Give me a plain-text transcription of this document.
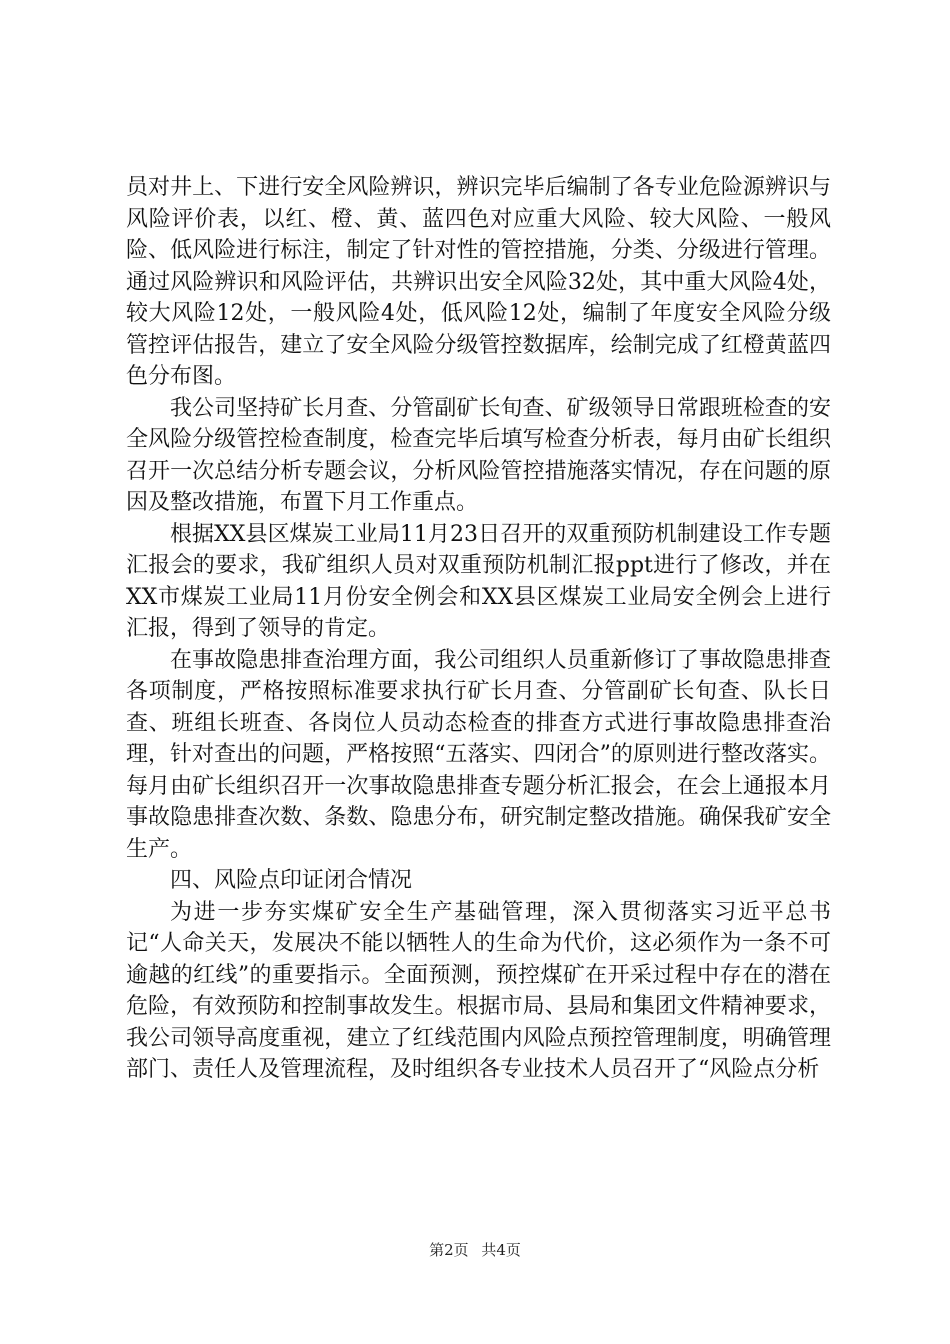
员对井上、下进行安全风险辨识，辨识完毕后编制了各专业危险源辨识与风险评价表，以红、橙、黄、蓝四色对应重大风险、较大风险、一般风险、低风险进行标注，制定了针对性的管控措施，分类、分级进行管理。通过风险辨识和风险评估，共辨识出安全风险32处，其中重大风险4处，较大风险12处，一般风险4处，低风险12处，编制了年度安全风险分级管控评估报告，建立了安全风险分级管控数据库，绘制完成了红橙黄蓝四色分布图。

我公司坚持矿长月查、分管副矿长旬查、矿级领导日常跟班检查的安全风险分级管控检查制度，检查完毕后填写检查分析表，每月由矿长组织召开一次总结分析专题会议，分析风险管控措施落实情况，存在问题的原因及整改措施，布置下月工作重点。

根据XX县区煤炭工业局11月23日召开的双重预防机制建设工作专题汇报会的要求，我矿组织人员对双重预防机制汇报ppt进行了修改，并在XX市煤炭工业局11月份安全例会和XX县区煤炭工业局安全例会上进行汇报，得到了领导的肯定。

在事故隐患排查治理方面，我公司组织人员重新修订了事故隐患排查各项制度，严格按照标准要求执行矿长月查、分管副矿长旬查、队长日查、班组长班查、各岗位人员动态检查的排查方式进行事故隐患排查治理，针对查出的问题，严格按照“五落实、四闭合”的原则进行整改落实。每月由矿长组织召开一次事故隐患排查专题分析汇报会，在会上通报本月事故隐患排查次数、条数、隐患分布，研究制定整改措施。确保我矿安全生产。

四、风险点印证闭合情况

为进一步夯实煤矿安全生产基础管理，深入贯彻落实习近平总书记“人命关天，发展决不能以牺牲人的生命为代价，这必须作为一条不可逾越的红线”的重要指示。全面预测，预控煤矿在开采过程中存在的潜在危险，有效预防和控制事故发生。根据市局、县局和集团文件精神要求，我公司领导高度重视，建立了红线范围内风险点预控管理制度，明确管理部门、责任人及管理流程，及时组织各专业技术人员召开了“风险点分析

第2页 共4页
